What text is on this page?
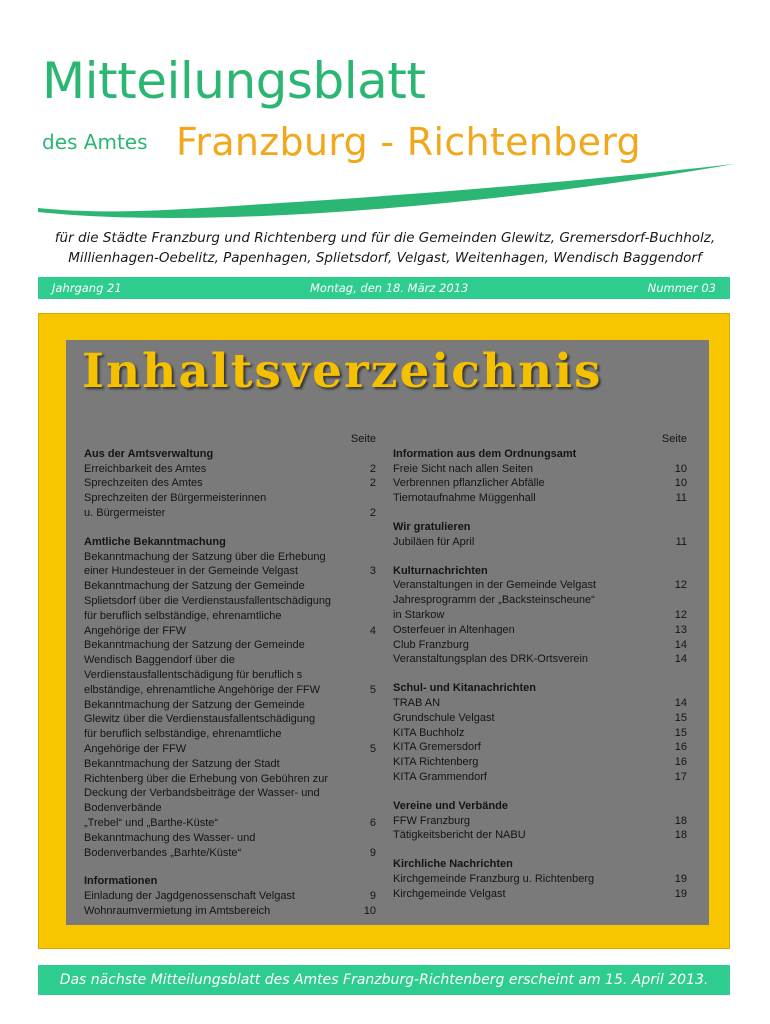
Mitteilungsblatt
des Amtes Franzburg - Richtenberg
für die Städte Franzburg und Richtenberg und für die Gemeinden Glewitz, Gremersdorf-Buchholz,
Millienhagen-Oebelitz, Papenhagen, Splietsdorf, Velgast, Weitenhagen, Wendisch Baggendorf
Jahrgang 21	Montag, den 18. März 2013	Nummer 03
Inhaltsverzeichnis
Seite
Aus der Amtsverwaltung
Erreichbarkeit des Amtes	2
Sprechzeiten des Amtes	2
Sprechzeiten der Bürgermeisterinnen
u. Bürgermeister	2
Amtliche Bekanntmachung
Bekanntmachung der Satzung über die Erhebung
einer Hundesteuer in der Gemeinde Velgast	3
Bekanntmachung der Satzung der Gemeinde
Splietsdorf über die Verdienstausfallentschädigung
für beruflich selbständige, ehrenamtliche
Angehörige der FFW	4
Bekanntmachung der Satzung der Gemeinde
Wendisch Baggendorf über die
Verdienstausfallentschädigung für beruflich s
elbständige, ehrenamtliche Angehörige der FFW	5
Bekanntmachung der Satzung der Gemeinde
Glewitz über die Verdienstausfallentschädigung
für beruflich selbständige, ehrenamtliche
Angehörige der FFW	5
Bekanntmachung der Satzung der Stadt
Richtenberg über die Erhebung von Gebühren zur
Deckung der Verbandsbeiträge der Wasser- und
Bodenverbände
„Trebel“ und „Barthe-Küste“	6
Bekanntmachung des Wasser- und
Bodenverbandes „Barhte/Küste“	9
Informationen
Einladung der Jagdgenossenschaft Velgast	9
Wohnraumvermietung im Amtsbereich	10
Seite
Information aus dem Ordnungsamt
Freie Sicht nach allen Seiten	10
Verbrennen pflanzlicher Abfälle	10
Tiernotaufnahme Müggenhall	11
Wir gratulieren
Jubiläen für April	11
Kulturnachrichten
Veranstaltungen in der Gemeinde Velgast	12
Jahresprogramm der „Backsteinscheune“
in Starkow	12
Osterfeuer in Altenhagen	13
Club Franzburg	14
Veranstaltungsplan des DRK-Ortsverein	14
Schul- und Kitanachrichten
TRAB AN	14
Grundschule Velgast	15
KITA Buchholz	15
KITA Gremersdorf	16
KITA Richtenberg	16
KITA Grammendorf	17
Vereine und Verbände
FFW Franzburg	18
Tätigkeitsbericht der NABU	18
Kirchliche Nachrichten
Kirchgemeinde Franzburg u. Richtenberg	19
Kirchgemeinde Velgast	19
Das nächste Mitteilungsblatt des Amtes Franzburg-Richtenberg erscheint am 15. April 2013.
